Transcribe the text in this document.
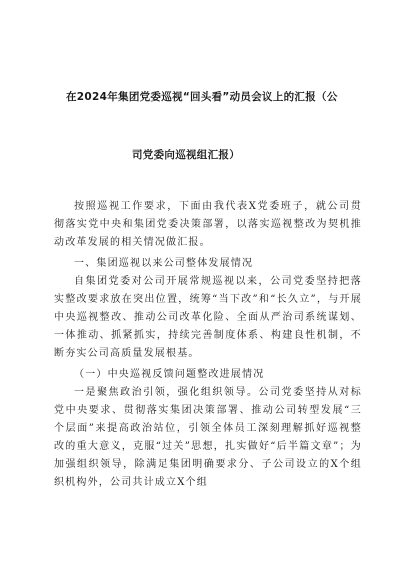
在2024年集团党委巡视“回头看”动员会议上的汇报（公
司党委向巡视组汇报）

按照巡视工作要求，下面由我代表X党委班子，就公司贯彻落实党中央和集团党委决策部署，以落实巡视整改为契机推动改革发展的相关情况做汇报。

一、集团巡视以来公司整体发展情况

自集团党委对公司开展常规巡视以来，公司党委坚持把落实整改要求放在突出位置，统筹“当下改”和“长久立”，与开展中央巡视整改、推动公司改革化险、全面从严治司系统谋划、一体推动、抓紧抓实，持续完善制度体系、构建良性机制，不断夯实公司高质量发展根基。

（一）中央巡视反馈问题整改进展情况

一是聚焦政治引领，强化组织领导。公司党委坚持从对标党中央要求、贯彻落实集团决策部署、推动公司转型发展“三个层面”来提高政治站位，引领全体员工深刻理解抓好巡视整改的重大意义，克服“过关”思想，扎实做好“后半篇文章”；为加强组织领导，除满足集团明确要求分、子公司设立的X个组织机构外，公司共计成立X个组
